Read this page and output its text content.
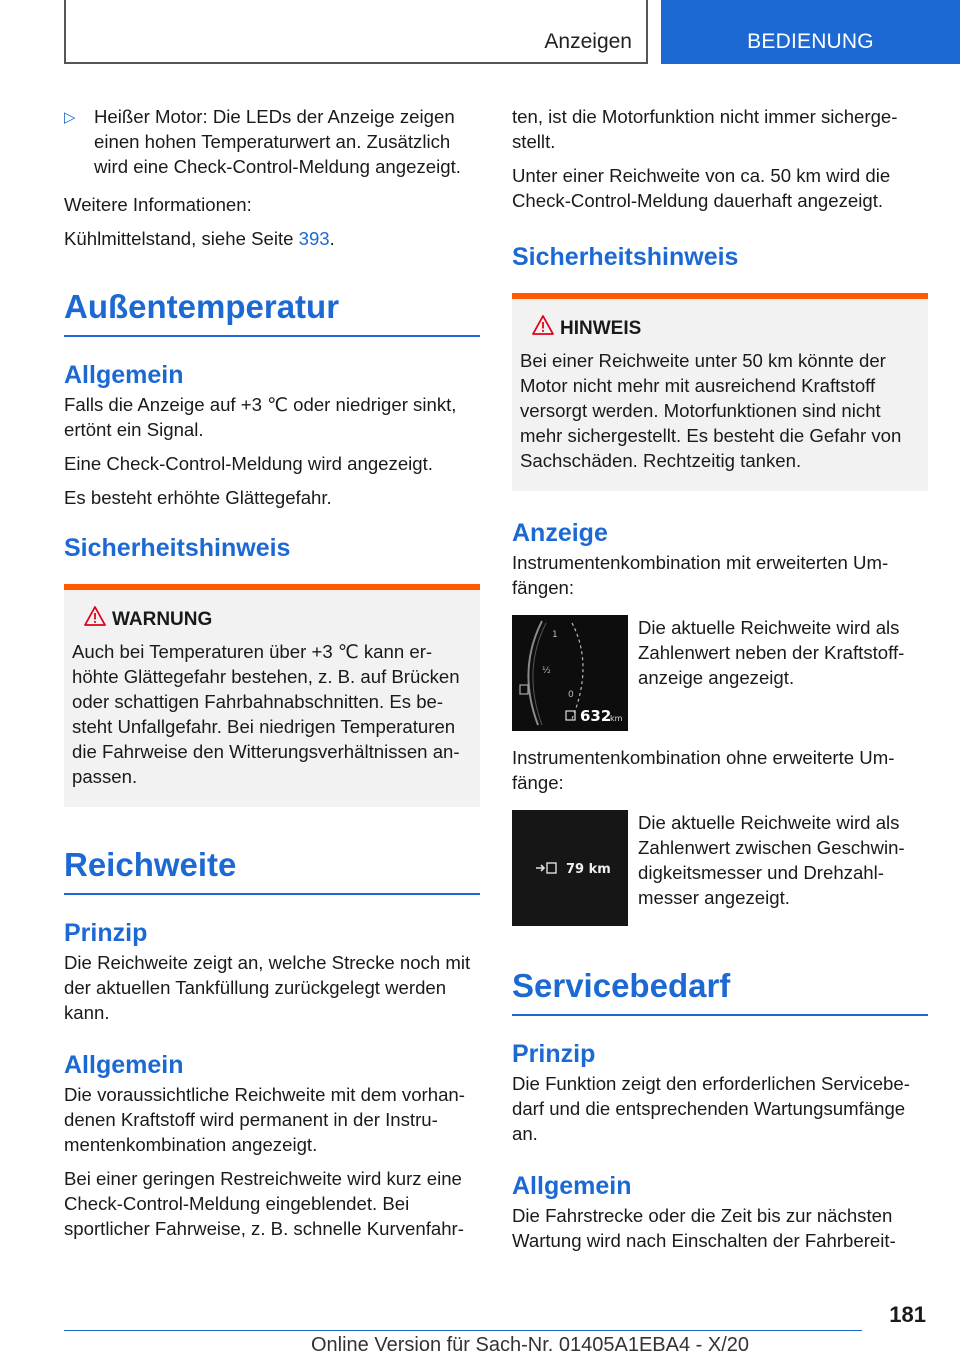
Anzeigen	BEDIENUNG
▷ Heißer Motor: Die LEDs der Anzeige zeigen einen hohen Temperaturwert an. Zusätzlich wird eine Check-Control-Meldung angezeigt.

Weitere Informationen:

Kühlmittelstand, siehe Seite 393.

Außentemperatur
Allgemein

Falls die Anzeige auf +3 ℃ oder niedriger sinkt, ertönt ein Signal.

Eine Check-Control-Meldung wird angezeigt.

Es besteht erhöhte Glättegefahr.

Sicherheitshinweis
WARNUNG
Auch bei Temperaturen über +3 ℃ kann erhöhte Glättegefahr bestehen, z. B. auf Brücken oder schattigen Fahrbahnabschnitten. Es besteht Unfallgefahr. Bei niedrigen Temperaturen die Fahrweise den Witterungsverhältnissen anpassen.
Reichweite
Prinzip

Die Reichweite zeigt an, welche Strecke noch mit der aktuellen Tankfüllung zurückgelegt werden kann.

Allgemein

Die voraussichtliche Reichweite mit dem vorhandenen Kraftstoff wird permanent in der Instrumentenkombination angezeigt.

Bei einer geringen Restreichweite wird kurz eine Check-Control-Meldung eingeblendet. Bei sportlicher Fahrweise, z. B. schnelle Kurvenfahr-

ten, ist die Motorfunktion nicht immer sichergestellt.

Unter einer Reichweite von ca. 50 km wird die Check-Control-Meldung dauerhaft angezeigt.

Sicherheitshinweis
HINWEIS
Bei einer Reichweite unter 50 km könnte der Motor nicht mehr mit ausreichend Kraftstoff versorgt werden. Motorfunktionen sind nicht mehr sichergestellt. Es besteht die Gefahr von Sachschäden. Rechtzeitig tanken.
Anzeige

Instrumentenkombination mit erweiterten Umfängen:

1
½
0
632
km
Die aktuelle Reichweite wird als Zahlenwert neben der Kraftstoffanzeige angezeigt.

Instrumentenkombination ohne erweiterte Umfänge:

79 km
Die aktuelle Reichweite wird als Zahlenwert zwischen Geschwindigkeitsmesser und Drehzahlmesser angezeigt.
Servicebedarf
Prinzip

Die Funktion zeigt den erforderlichen Servicebedarf und die entsprechenden Wartungsumfänge an.

Allgemein

Die Fahrstrecke oder die Zeit bis zur nächsten Wartung wird nach Einschalten der Fahrbereit-

181
Online Version für Sach-Nr. 01405A1EBA4 - X/20
